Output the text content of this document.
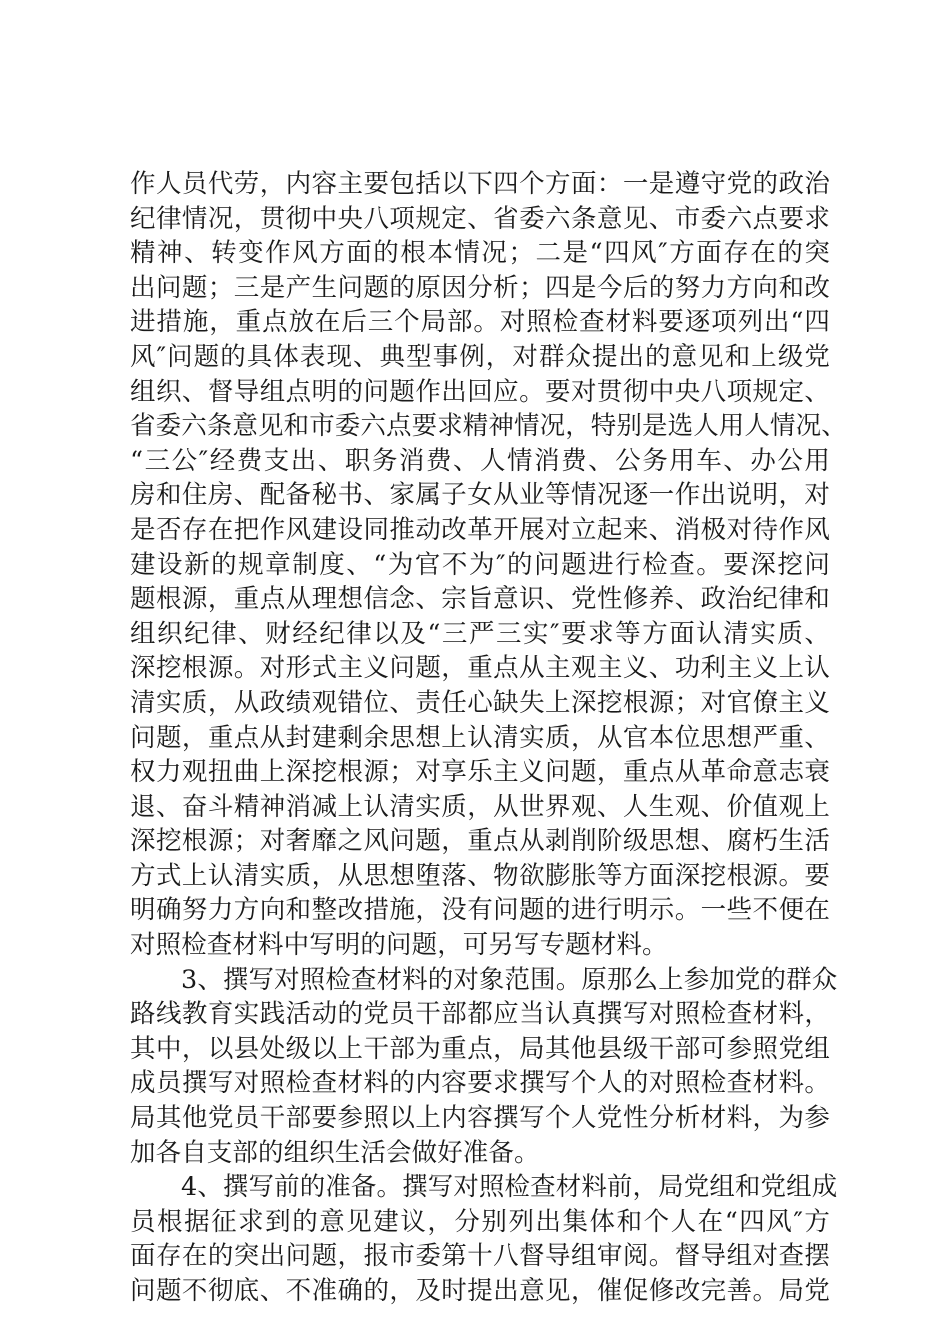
作人员代劳，内容主要包括以下四个方面：一是遵守党的政治
纪律情况，贯彻中央八项规定、省委六条意见、市委六点要求
精神、转变作风方面的根本情况；二是“四风″方面存在的突
出问题；三是产生问题的原因分析；四是今后的努力方向和改
进措施，重点放在后三个局部。对照检查材料要逐项列出“四
风″问题的具体表现、典型事例，对群众提出的意见和上级党
组织、督导组点明的问题作出回应。要对贯彻中央八项规定、
省委六条意见和市委六点要求精神情况，特别是选人用人情况、
“三公″经费支出、职务消费、人情消费、公务用车、办公用
房和住房、配备秘书、家属子女从业等情况逐一作出说明，对
是否存在把作风建设同推动改革开展对立起来、消极对待作风
建设新的规章制度、“为官不为″的问题进行检查。要深挖问
题根源，重点从理想信念、宗旨意识、党性修养、政治纪律和
组织纪律、财经纪律以及“三严三实″要求等方面认清实质、
深挖根源。对形式主义问题，重点从主观主义、功利主义上认
清实质，从政绩观错位、责任心缺失上深挖根源；对官僚主义
问题，重点从封建剩余思想上认清实质，从官本位思想严重、
权力观扭曲上深挖根源；对享乐主义问题，重点从革命意志衰
退、奋斗精神消减上认清实质，从世界观、人生观、价值观上
深挖根源；对奢靡之风问题，重点从剥削阶级思想、腐朽生活
方式上认清实质，从思想堕落、物欲膨胀等方面深挖根源。要
明确努力方向和整改措施，没有问题的进行明示。一些不便在
对照检查材料中写明的问题，可另写专题材料。
3、撰写对照检查材料的对象范围。原那么上参加党的群众
路线教育实践活动的党员干部都应当认真撰写对照检查材料，
其中，以县处级以上干部为重点，局其他县级干部可参照党组
成员撰写对照检查材料的内容要求撰写个人的对照检查材料。
局其他党员干部要参照以上内容撰写个人党性分析材料，为参
加各自支部的组织生活会做好准备。
4、撰写前的准备。撰写对照检查材料前，局党组和党组成
员根据征求到的意见建议，分别列出集体和个人在“四风″方
面存在的突出问题，报市委第十八督导组审阅。督导组对查摆
问题不彻底、不准确的，及时提出意见，催促修改完善。局党
